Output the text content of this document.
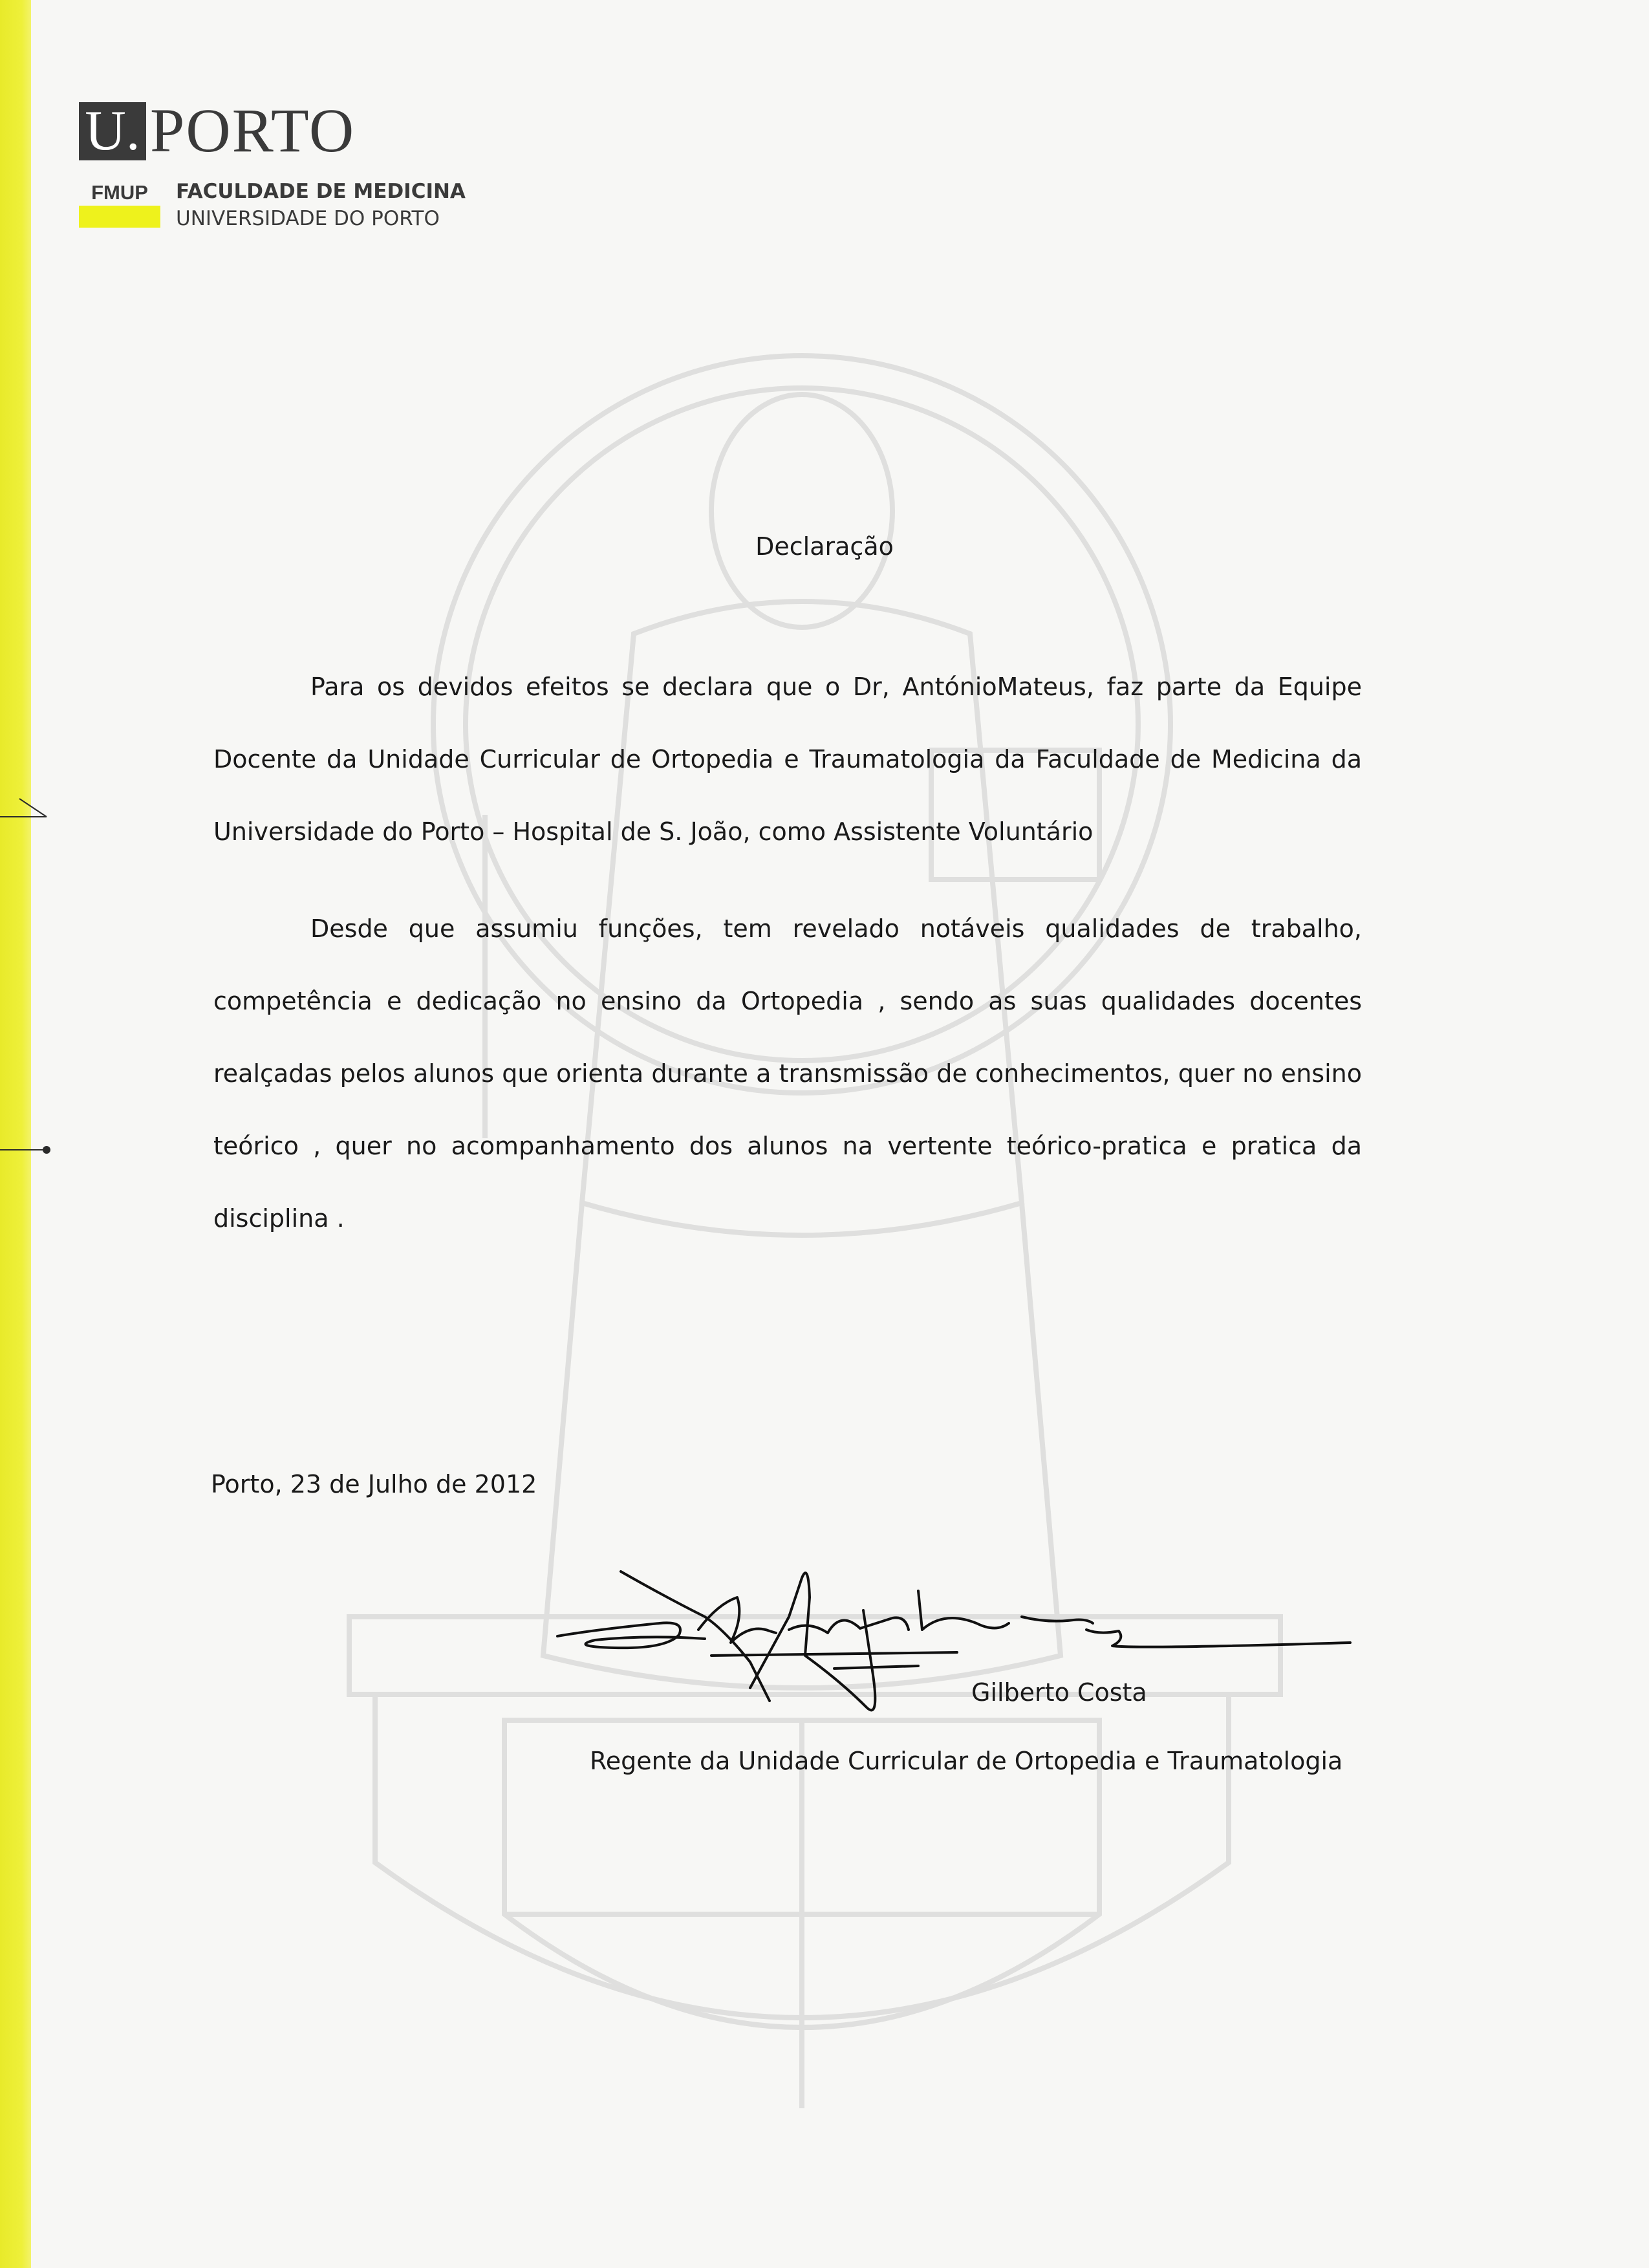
U. PORTO
FMUP	FACULDADE DE MEDICINA
UNIVERSIDADE DO PORTO
Declaração
Para os devidos efeitos se declara que o Dr, AntónioMateus, faz parte da Equipe Docente da Unidade Curricular de Ortopedia e Traumatologia da Faculdade de Medicina da Universidade do Porto – Hospital de S. João, como Assistente Voluntário
Desde que assumiu funções, tem revelado notáveis qualidades de trabalho, competência e dedicação no ensino da Ortopedia , sendo as suas qualidades docentes realçadas pelos alunos que orienta durante a transmissão de conhecimentos, quer no ensino teórico , quer no acompanhamento dos alunos na vertente teórico-pratica e pratica da disciplina .
Porto, 23 de Julho de 2012
Gilberto Costa
Regente da Unidade Curricular de Ortopedia e Traumatologia
